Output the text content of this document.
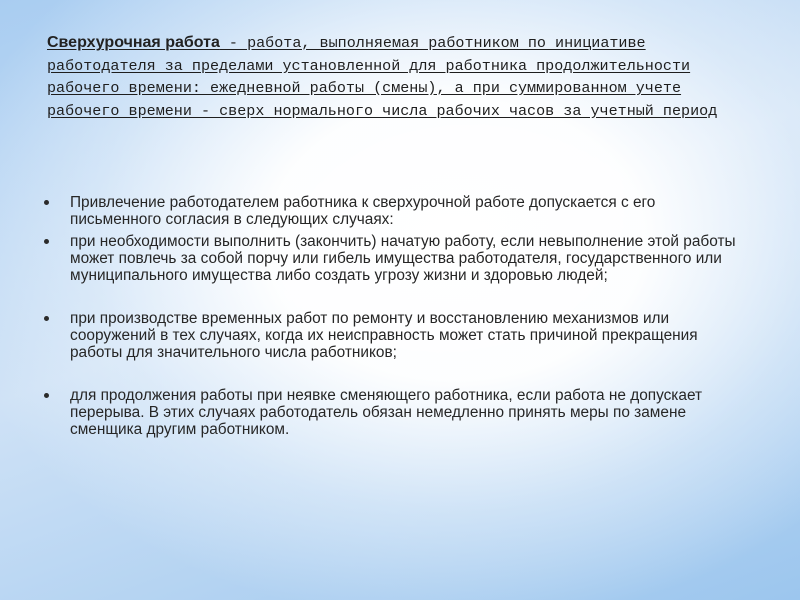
Сверхурочная работа - работа, выполняемая работником по инициативе работодателя за пределами установленной для работника продолжительности рабочего времени: ежедневной работы (смены), а при суммированном учете рабочего времени - сверх нормального числа рабочих часов за учетный период

Привлечение работодателем работника к сверхурочной работе допускается с его письменного согласия в следующих случаях:
при необходимости выполнить (закончить) начатую работу, если невыполнение этой работы может повлечь за собой порчу или гибель имущества работодателя, государственного или муниципального имущества либо создать угрозу жизни и здоровью людей;
при производстве временных работ по ремонту и восстановлению механизмов или сооружений в тех случаях, когда их неисправность может стать причиной прекращения работы для значительного числа работников;
для продолжения работы при неявке сменяющего работника, если работа не допускает перерыва. В этих случаях работодатель обязан немедленно принять меры по замене сменщика другим работником.
